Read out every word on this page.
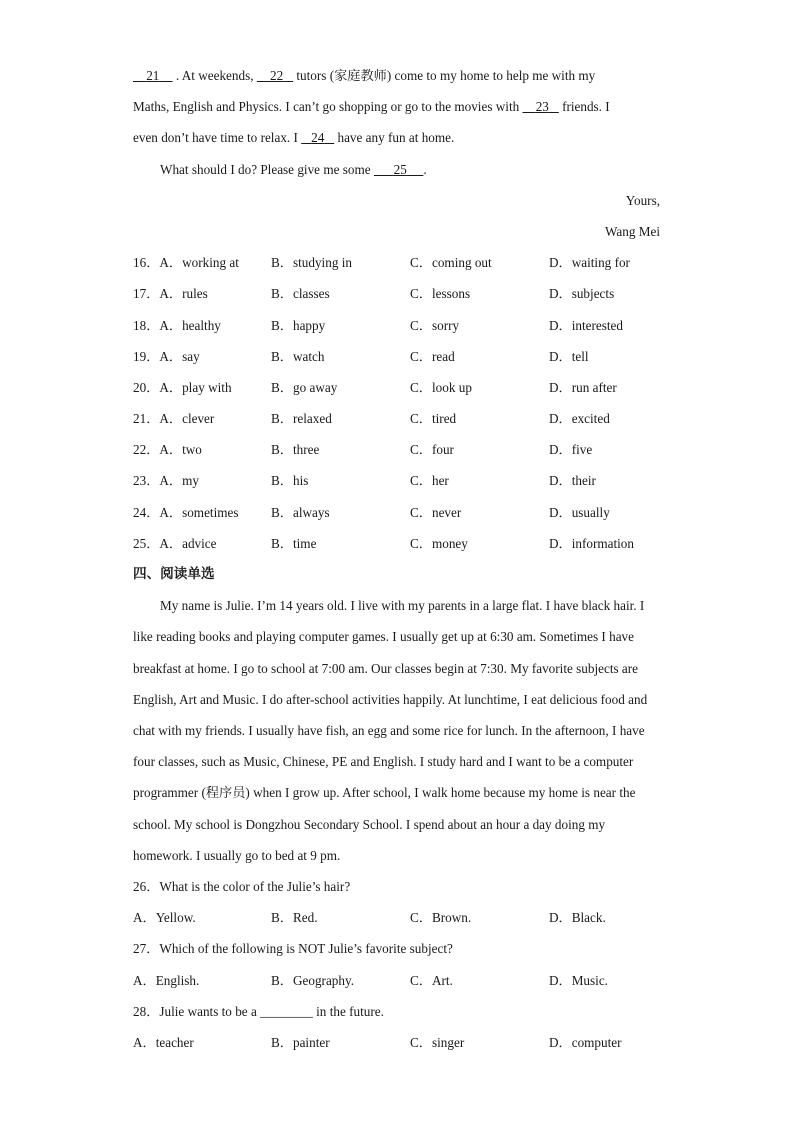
21 . At weekends, 22 tutors (家庭教师) come to my home to help me with my
Maths, English and Physics. I can’t go shopping or go to the movies with 23 friends. I
even don’t have time to relax. I 24 have any fun at home.
What should I do? Please give me some 25 .
Yours,
Wang Mei
16．A．working at	B．studying in	C．coming out	D．waiting for
17．A．rules	B．classes	C．lessons	D．subjects
18．A．healthy	B．happy	C．sorry	D．interested
19．A．say	B．watch	C．read	D．tell
20．A．play with	B．go away	C．look up	D．run after
21．A．clever	B．relaxed	C．tired	D．excited
22．A．two	B．three	C．four	D．five
23．A．my	B．his	C．her	D．their
24．A．sometimes	B．always	C．never	D．usually
25．A．advice	B．time	C．money	D．information
四、阅读单选
My name is Julie. I’m 14 years old. I live with my parents in a large flat. I have black hair. I like reading books and playing computer games. I usually get up at 6:30 am. Sometimes I have breakfast at home. I go to school at 7:00 am. Our classes begin at 7:30. My favorite subjects are English, Art and Music. I do after-school activities happily. At lunchtime, I eat delicious food and chat with my friends. I usually have fish, an egg and some rice for lunch. In the afternoon, I have four classes, such as Music, Chinese, PE and English. I study hard and I want to be a computer programmer (程序员) when I grow up. After school, I walk home because my home is near the school. My school is Dongzhou Secondary School. I spend about an hour a day doing my homework. I usually go to bed at 9 pm.
26．What is the color of the Julie’s hair?
A．Yellow.	B．Red.	C．Brown.	D．Black.
27．Which of the following is NOT Julie’s favorite subject?
A．English.	B．Geography.	C．Art.	D．Music.
28．Julie wants to be a ________ in the future.
A．teacher	B．painter	C．singer	D．computer
